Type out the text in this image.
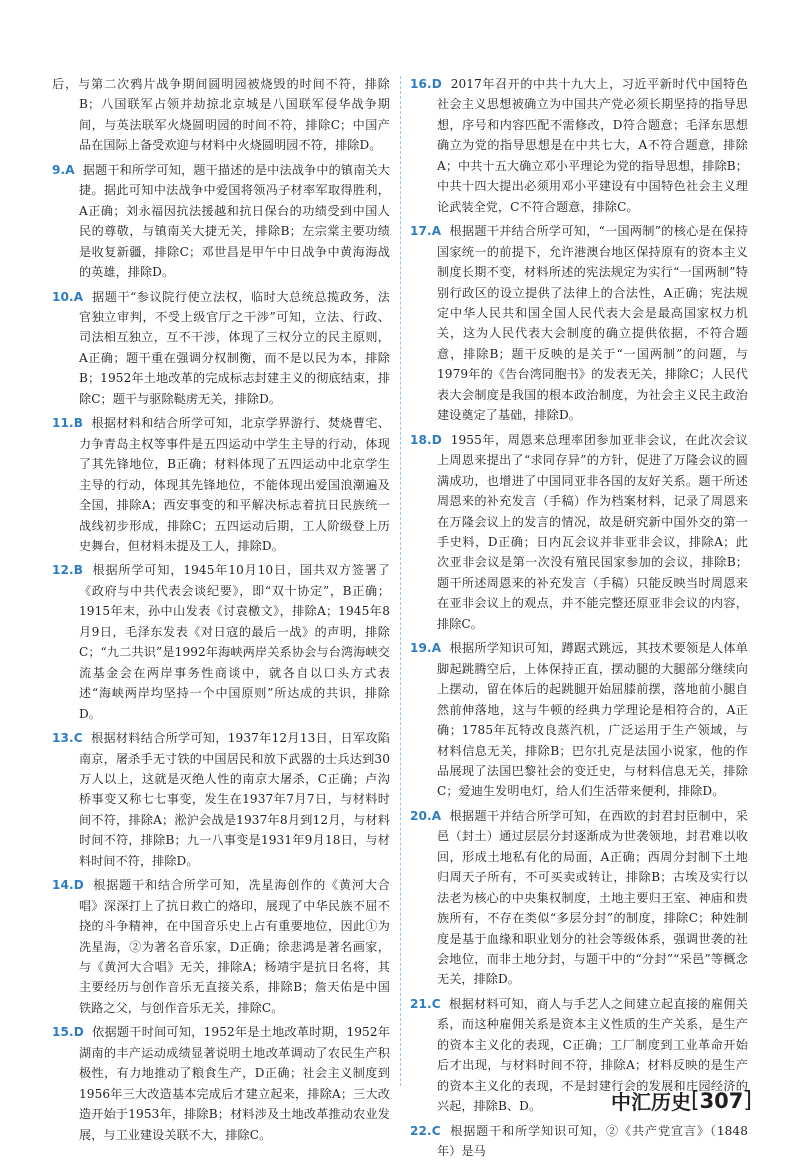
后，与第二次鸦片战争期间圆明园被烧毁的时间不符，排除B；八国联军占领并劫掠北京城是八国联军侵华战争期间，与英法联军火烧圆明园的时间不符，排除C；中国产品在国际上备受欢迎与材料中火烧圆明园不符，排除D。
9.A 据题干和所学可知，题干描述的是中法战争中的镇南关大捷。据此可知中法战争中爱国将领冯子材率军取得胜利，A正确；刘永福因抗法援越和抗日保台的功绩受到中国人民的尊敬，与镇南关大捷无关，排除B；左宗棠主要功绩是收复新疆，排除C；邓世昌是甲午中日战争中黄海海战的英雄，排除D。
10.A 据题干“参议院行使立法权，临时大总统总揽政务，法官独立审判，不受上级官厅之干涉”可知，立法、行政、司法相互独立，互不干涉，体现了三权分立的民主原则，A正确；题干重在强调分权制衡，而不是以民为本，排除B；1952年土地改革的完成标志封建主义的彻底结束，排除C；题干与驱除鞑虏无关，排除D。
11.B 根据材料和结合所学可知，北京学界游行、焚烧曹宅、力争青岛主权等事件是五四运动中学生主导的行动，体现了其先锋地位，B正确；材料体现了五四运动中北京学生主导的行动，体现其先锋地位，不能体现出爱国浪潮遍及全国，排除A；西安事变的和平解决标志着抗日民族统一战线初步形成，排除C；五四运动后期，工人阶级登上历史舞台，但材料未提及工人，排除D。
12.B 根据所学可知，1945年10月10日，国共双方签署了《政府与中共代表会谈纪要》，即“双十协定”，B正确；1915年末，孙中山发表《讨袁檄文》，排除A；1945年8月9日，毛泽东发表《对日寇的最后一战》的声明，排除C；“九二共识”是1992年海峡两岸关系协会与台湾海峡交流基金会在两岸事务性商谈中，就各自以口头方式表述“海峡两岸均坚持一个中国原则”所达成的共识，排除D。
13.C 根据材料结合所学可知，1937年12月13日，日军攻陷南京，屠杀手无寸铁的中国居民和放下武器的士兵达到30万人以上，这就是灭绝人性的南京大屠杀，C正确；卢沟桥事变又称七七事变，发生在1937年7月7日，与材料时间不符，排除A；淞沪会战是1937年8月到12月，与材料时间不符，排除B；九一八事变是1931年9月18日，与材料时间不符，排除D。
14.D 根据题干和结合所学可知，冼星海创作的《黄河大合唱》深深打上了抗日救亡的烙印，展现了中华民族不屈不挠的斗争精神，在中国音乐史上占有重要地位，因此①为冼星海，②为著名音乐家，D正确；徐悲鸿是著名画家，与《黄河大合唱》无关，排除A；杨靖宇是抗日名将，其主要经历与创作音乐无直接关系，排除B；詹天佑是中国铁路之父，与创作音乐无关，排除C。
15.D 依据题干时间可知，1952年是土地改革时期，1952年湖南的丰产运动成绩显著说明土地改革调动了农民生产积极性，有力地推动了粮食生产，D正确；社会主义制度到1956年三大改造基本完成后才建立起来，排除A；三大改造开始于1953年，排除B；材料涉及土地改革推动农业发展，与工业建设关联不大，排除C。
16.D 2017年召开的中共十九大上，习近平新时代中国特色社会主义思想被确立为中国共产党必须长期坚持的指导思想，序号和内容匹配不需修改，D符合题意；毛泽东思想确立为党的指导思想是在中共七大，A不符合题意，排除A；中共十五大确立邓小平理论为党的指导思想，排除B；中共十四大提出必须用邓小平建设有中国特色社会主义理论武装全党，C不符合题意，排除C。
17.A 根据题干并结合所学可知，“一国两制”的核心是在保持国家统一的前提下，允许港澳台地区保持原有的资本主义制度长期不变，材料所述的宪法规定为实行“一国两制”特别行政区的设立提供了法律上的合法性，A正确；宪法规定中华人民共和国全国人民代表大会是最高国家权力机关，这为人民代表大会制度的确立提供依据，不符合题意，排除B；题干反映的是关于“一国两制”的问题，与1979年的《告台湾同胞书》的发表无关，排除C；人民代表大会制度是我国的根本政治制度，为社会主义民主政治建设奠定了基础，排除D。
18.D 1955年，周恩来总理率团参加亚非会议，在此次会议上周恩来提出了“求同存异”的方针，促进了万隆会议的圆满成功，也增进了中国同亚非各国的友好关系。题干所述周恩来的补充发言（手稿）作为档案材料，记录了周恩来在万隆会议上的发言的情况，故是研究新中国外交的第一手史料，D正确；日内瓦会议并非亚非会议，排除A；此次亚非会议是第一次没有殖民国家参加的会议，排除B；题干所述周恩来的补充发言（手稿）只能反映当时周恩来在亚非会议上的观点，并不能完整还原亚非会议的内容，排除C。
19.A 根据所学知识可知，蹲踞式跳远，其技术要领是人体单脚起跳腾空后，上体保持正直，摆动腿的大腿部分继续向上摆动，留在体后的起跳腿开始屈膝前摆，落地前小腿自然前伸落地，这与牛顿的经典力学理论是相符合的，A正确；1785年瓦特改良蒸汽机，广泛运用于生产领域，与材料信息无关，排除B；巴尔扎克是法国小说家，他的作品展现了法国巴黎社会的变迁史，与材料信息无关，排除C；爱迪生发明电灯，给人们生活带来便利，排除D。
20.A 根据题干并结合所学可知，在西欧的封君封臣制中，采邑（封土）通过层层分封逐渐成为世袭领地，封君难以收回，形成土地私有化的局面，A正确；西周分封制下土地归周天子所有，不可买卖或转让，排除B；古埃及实行以法老为核心的中央集权制度，土地主要归王室、神庙和贵族所有，不存在类似“多层分封”的制度，排除C；种姓制度是基于血缘和职业划分的社会等级体系，强调世袭的社会地位，而非土地分封，与题干中的“分封”“采邑”等概念无关，排除D。
21.C 根据材料可知，商人与手艺人之间建立起直接的雇佣关系，而这种雇佣关系是资本主义性质的生产关系，是生产的资本主义化的表现，C正确；工厂制度到工业革命开始后才出现，与材料时间不符，排除A；材料反映的是生产的资本主义化的表现，不是封建行会的发展和庄园经济的兴起，排除B、D。
22.C 根据题干和所学知识可知，②《共产党宣言》（1848年）是马
中汇历史 [ 307 ]
